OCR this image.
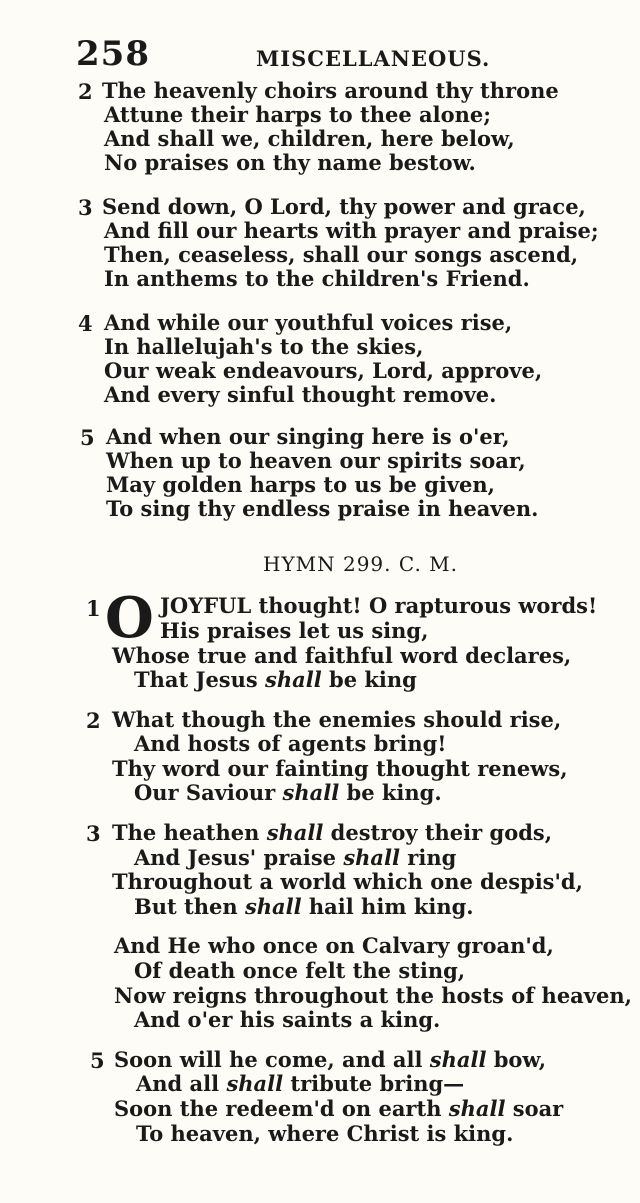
258	MISCELLANEOUS.
2 The heavenly choirs around thy throne
Attune their harps to thee alone;
And shall we, children, here below,
No praises on thy name bestow.
3 Send down, O Lord, thy power and grace,
And fill our hearts with prayer and praise;
Then, ceaseless, shall our songs ascend,
In anthems to the children's Friend.
4 And while our youthful voices rise,
In hallelujah's to the skies,
Our weak endeavours, Lord, approve,
And every sinful thought remove.
5 And when our singing here is o'er,
When up to heaven our spirits soar,
May golden harps to us be given,
To sing thy endless praise in heaven.
HYMN 299. C. M.
1 O JOYFUL thought! O rapturous words!
His praises let us sing,
Whose true and faithful word declares,
That Jesus shall be king
2 What though the enemies should rise,
And hosts of agents bring!
Thy word our fainting thought renews,
Our Saviour shall be king.
3 The heathen shall destroy their gods,
And Jesus' praise shall ring
Throughout a world which one despis'd,
But then shall hail him king.
And He who once on Calvary groan'd,
Of death once felt the sting,
Now reigns throughout the hosts of heaven,
And o'er his saints a king.
5 Soon will he come, and all shall bow,
And all shall tribute bring—
Soon the redeem'd on earth shall soar
To heaven, where Christ is king.
